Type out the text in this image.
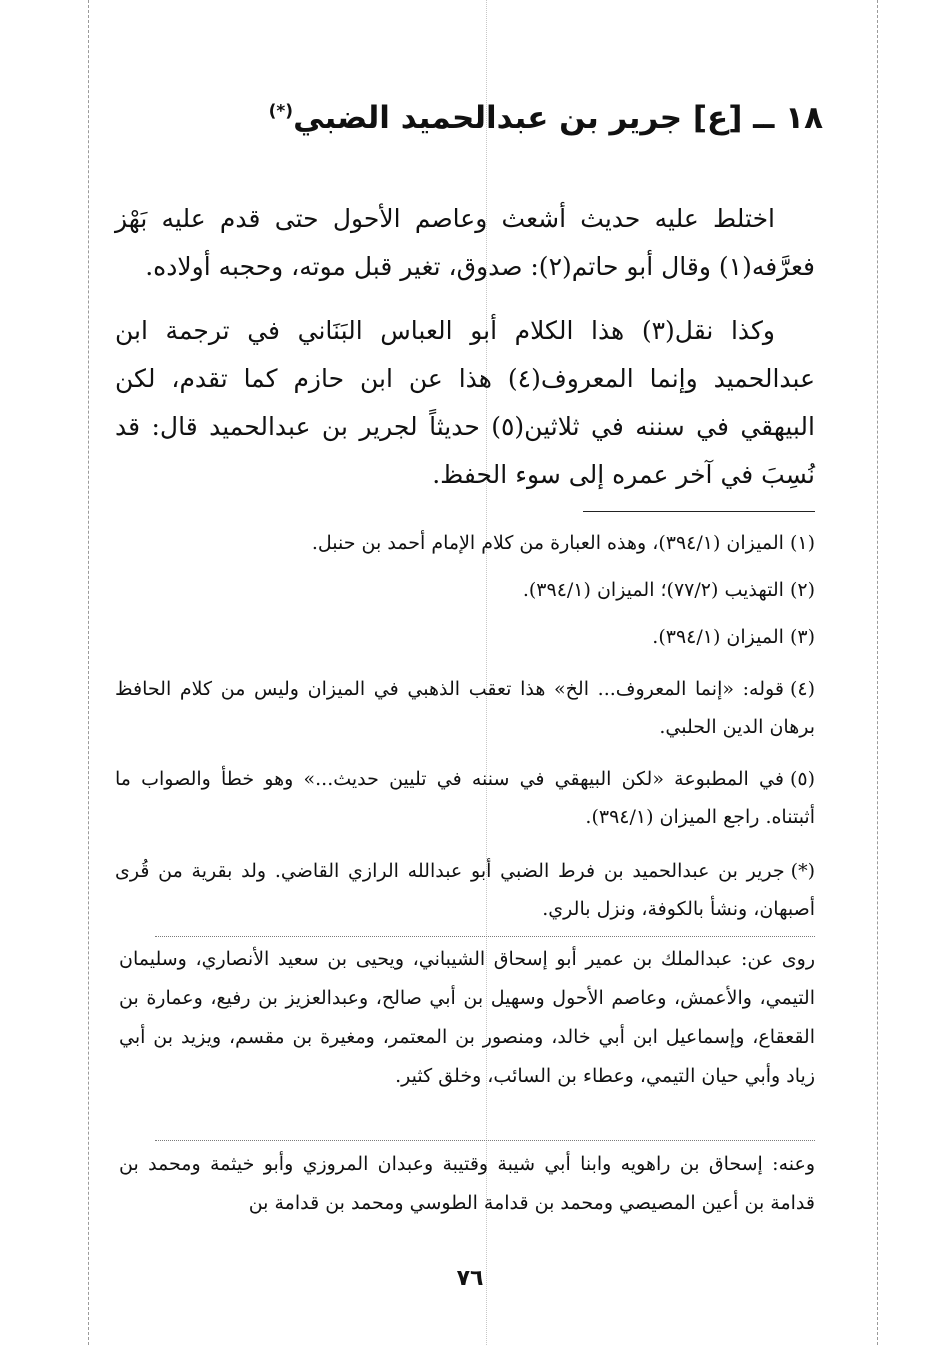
١٨ ــ [ع] جرير بن عبدالحميد الضبي(*)

اختلط عليه حديث أشعث وعاصم الأحول حتى قدم عليه بَهْز فعرَّفه(١) وقال أبو حاتم(٢): صدوق، تغير قبل موته، وحجبه أولاده.

وكذا نقل(٣) هذا الكلام أبو العباس البَنَاني في ترجمة ابن عبدالحميد وإنما المعروف(٤) هذا عن ابن حازم كما تقدم، لكن البيهقي في سننه في ثلاثين(٥) حديثاً لجرير بن عبدالحميد قال: قد نُسِبَ في آخر عمره إلى سوء الحفظ.

(١)الميزان (٣٩٤/١)، وهذه العبارة من كلام الإمام أحمد بن حنبل.
(٢)التهذيب (٧٧/٢)؛ الميزان (٣٩٤/١).
(٣)الميزان (٣٩٤/١).
(٤)قوله: «إنما المعروف... الخ» هذا تعقب الذهبي في الميزان وليس من كلام الحافظ برهان الدين الحلبي.
(٥)في المطبوعة «لكن البيهقي في سننه في تليين حديث...» وهو خطأ والصواب ما أثبتناه. راجع الميزان (٣٩٤/١).
(*)جرير بن عبدالحميد بن فرط الضبي أبو عبدالله الرازي القاضي. ولد بقرية من قُرى أصبهان، ونشأ بالكوفة، ونزل بالري.
روى عن: عبدالملك بن عمير أبو إسحاق الشيباني، ويحيى بن سعيد الأنصاري، وسليمان التيمي، والأعمش، وعاصم الأحول وسهيل بن أبي صالح، وعبدالعزيز بن رفيع، وعمارة بن القعقاع، وإسماعيل ابن أبي خالد، ومنصور بن المعتمر، ومغيرة بن مقسم، ويزيد بن أبي زياد وأبي حيان التيمي، وعطاء بن السائب، وخلق كثير.
وعنه: إسحاق بن راهويه وابنا أبي شيبة وقتيبة وعبدان المروزي وأبو خيثمة ومحمد بن قدامة بن أعين المصيصي ومحمد بن قدامة الطوسي ومحمد بن قدامة بن
٧٦
